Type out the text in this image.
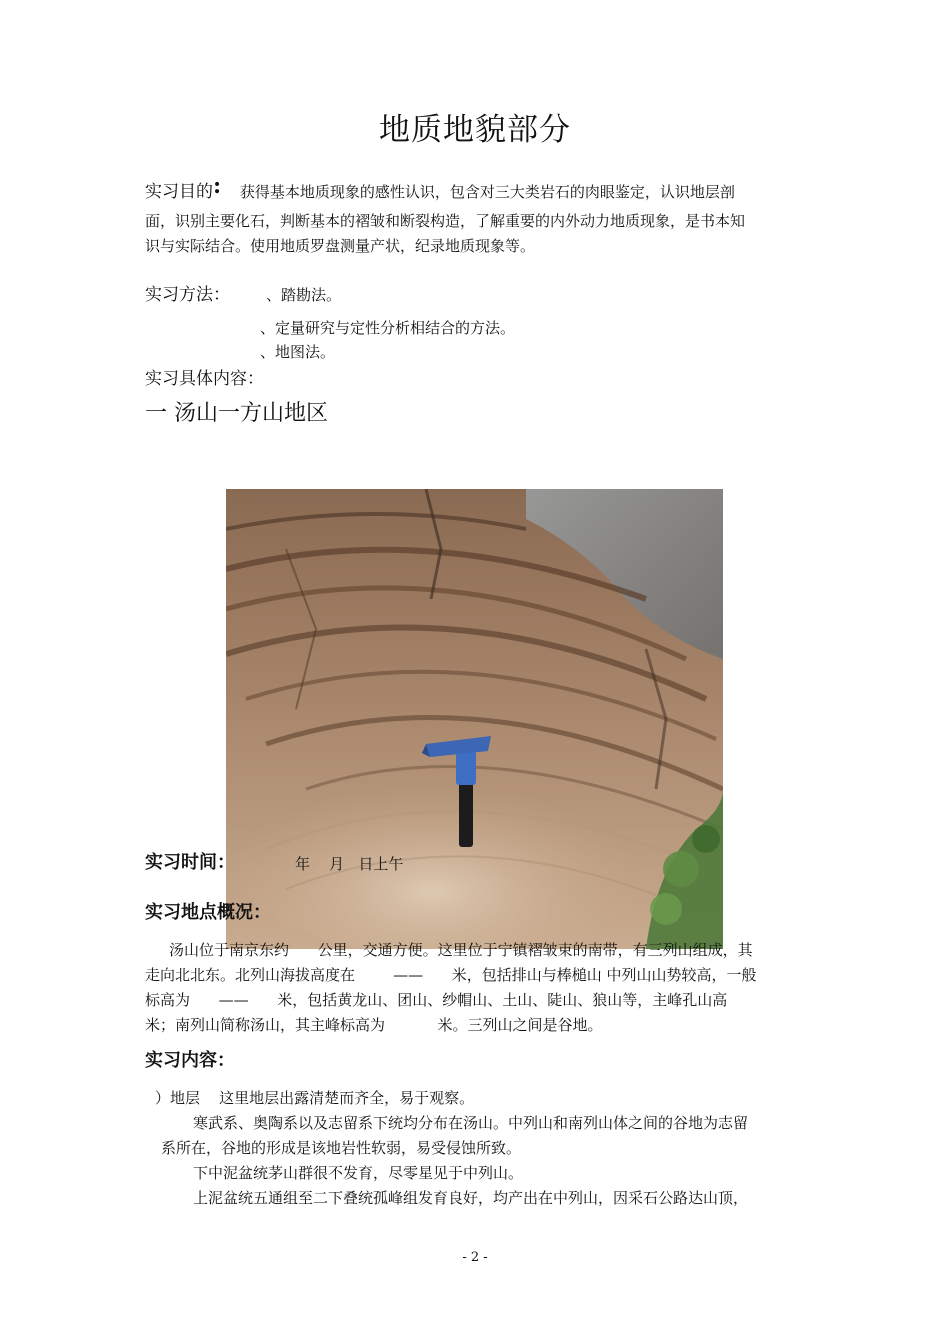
地质地貌部分
实习目的: 获得基本地质现象的感性认识，包含对三大类岩石的肉眼鉴定，认识地层剖
面，识别主要化石，判断基本的褶皱和断裂构造，了解重要的内外动力地质现象，是书本知
识与实际结合。使用地质罗盘测量产状，纪录地质现象等。
实习方法： 、踏勘法。
、定量研究与定性分析相结合的方法。
、地图法。
实习具体内容：
一 汤山一方山地区
实习时间：	年    月   日上午
实习地点概况：
汤山位于南京东约      公里，交通方便。这里位于宁镇褶皱束的南带，有三列山组成，其
走向北北东。北列山海拔高度在        ——      米，包括排山与棒槌山 中列山山势较高，一般
标高为      ——      米，包括黄龙山、团山、纱帽山、土山、陡山、狼山等，主峰孔山高
米；南列山简称汤山，其主峰标高为           米。三列山之间是谷地。
实习内容：
）地层    这里地层出露清楚而齐全，易于观察。
寒武系、奥陶系以及志留系下统均分布在汤山。中列山和南列山体之间的谷地为志留
系所在，谷地的形成是该地岩性软弱，易受侵蚀所致。
下中泥盆统茅山群很不发育，尽零星见于中列山。
上泥盆统五通组至二下叠统孤峰组发育良好，均产出在中列山，因采石公路达山顶，
- 2 -
